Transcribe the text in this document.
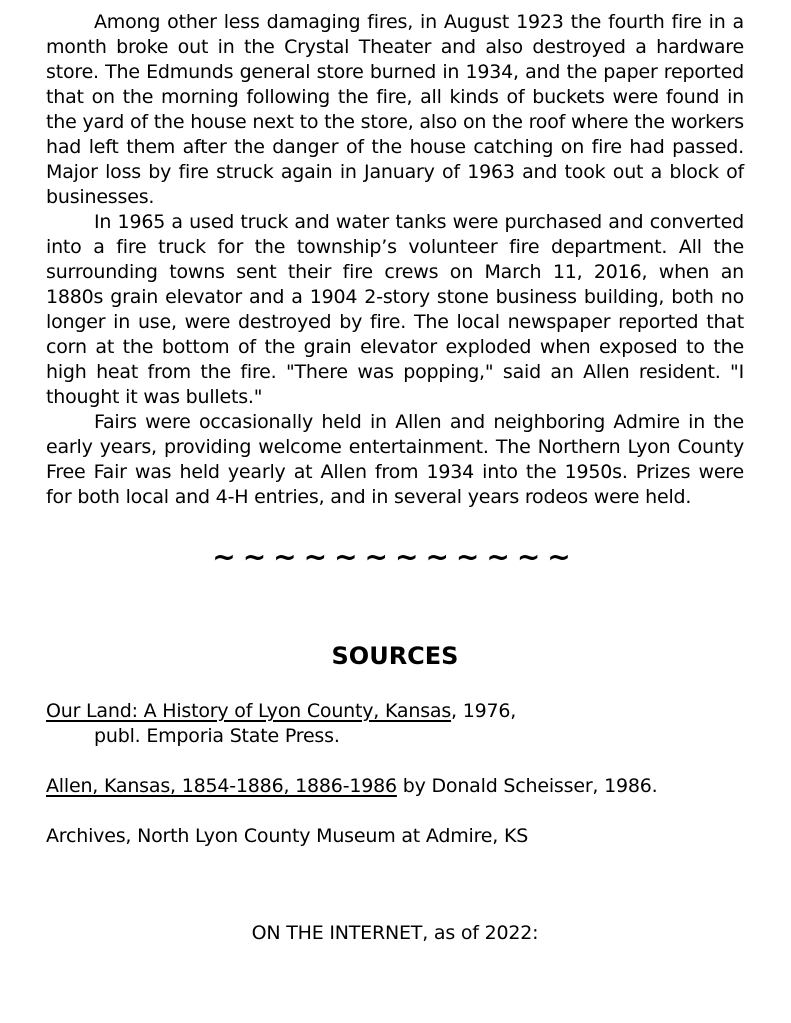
Among other less damaging fires, in August 1923 the fourth fire in a month broke out in the Crystal Theater and also destroyed a hardware store. The Edmunds general store burned in 1934, and the paper reported that on the morning following the fire, all kinds of buckets were found in the yard of the house next to the store, also on the roof where the workers had left them after the danger of the house catching on fire had passed. Major loss by fire struck again in January of 1963 and took out a block of businesses.

In 1965 a used truck and water tanks were purchased and converted into a fire truck for the township’s volunteer fire department. All the surrounding towns sent their fire crews on March 11, 2016, when an 1880s grain elevator and a 1904 2-story stone business building, both no longer in use, were destroyed by fire. The local newspaper reported that corn at the bottom of the grain elevator exploded when exposed to the high heat from the fire. "There was popping," said an Allen resident. "I thought it was bullets."

Fairs were occasionally held in Allen and neighboring Admire in the early years, providing welcome entertainment. The Northern Lyon County Free Fair was held yearly at Allen from 1934 into the 1950s. Prizes were for both local and 4-H entries, and in several years rodeos were held.

~~~~~~~~~~~~
SOURCES

Our Land: A History of Lyon County, Kansas, 1976,
publ. Emporia State Press.

Allen, Kansas, 1854-1886, 1886-1986 by Donald Scheisser, 1986.

Archives, North Lyon County Museum at Admire, KS

ON THE INTERNET, as of 2022:
